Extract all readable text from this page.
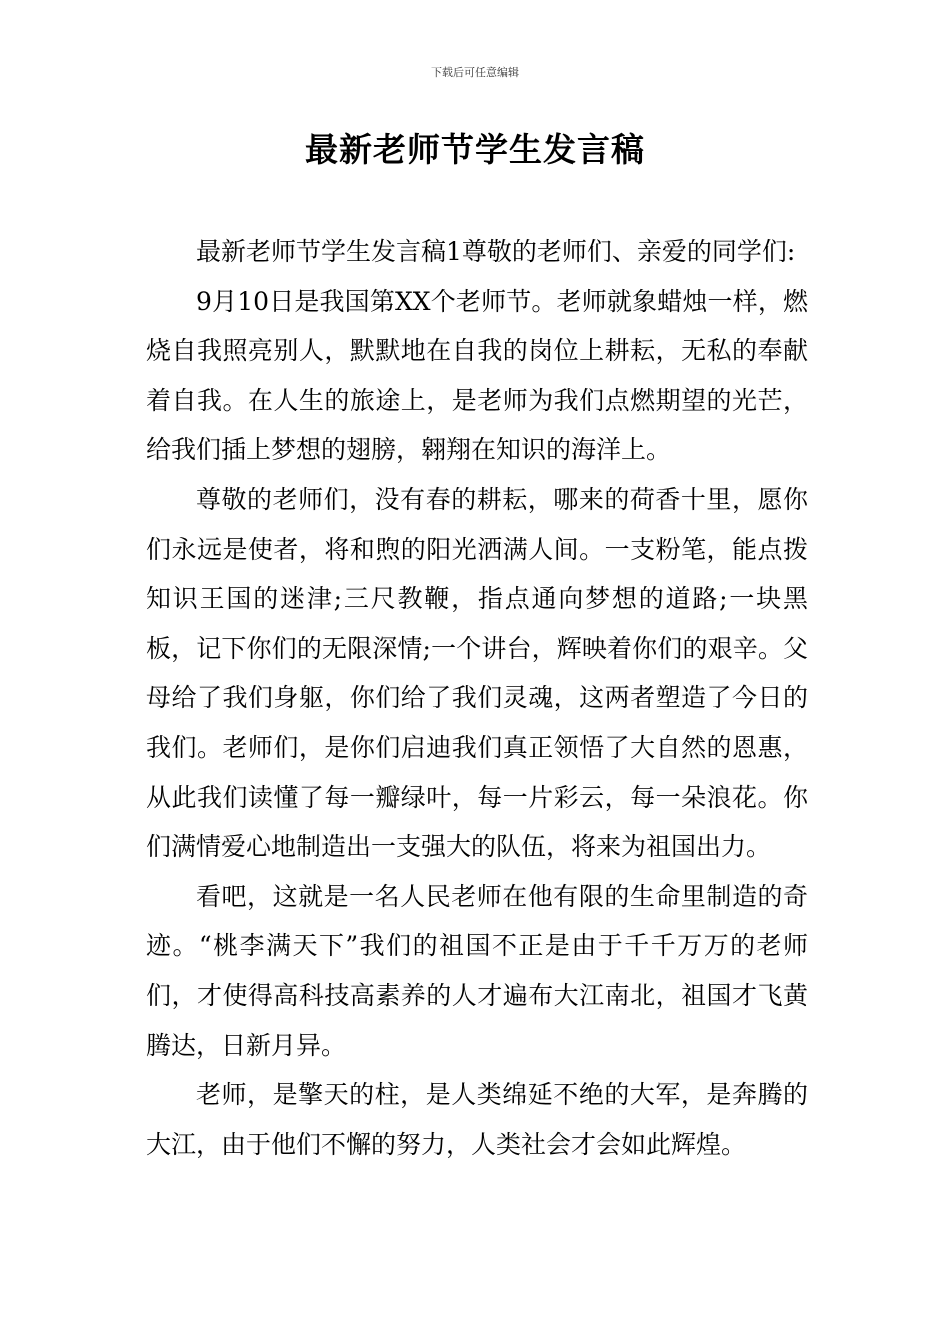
下载后可任意编辑
最新老师节学生发言稿

最新老师节学生发言稿1尊敬的老师们、亲爱的同学们:

9月10日是我国第XX个老师节。老师就象蜡烛一样，燃烧自我照亮别人，默默地在自我的岗位上耕耘，无私的奉献着自我。在人生的旅途上，是老师为我们点燃期望的光芒，给我们插上梦想的翅膀，翱翔在知识的海洋上。

尊敬的老师们，没有春的耕耘，哪来的荷香十里，愿你们永远是使者，将和煦的阳光洒满人间。一支粉笔，能点拨知识王国的迷津;三尺教鞭，指点通向梦想的道路;一块黑板，记下你们的无限深情;一个讲台，辉映着你们的艰辛。父母给了我们身躯，你们给了我们灵魂，这两者塑造了今日的我们。老师们，是你们启迪我们真正领悟了大自然的恩惠，从此我们读懂了每一瓣绿叶，每一片彩云，每一朵浪花。你们满情爱心地制造出一支强大的队伍，将来为祖国出力。

看吧，这就是一名人民老师在他有限的生命里制造的奇迹。“桃李满天下”我们的祖国不正是由于千千万万的老师们，才使得高科技高素养的人才遍布大江南北，祖国才飞黄腾达，日新月异。

老师，是擎天的柱，是人类绵延不绝的大军，是奔腾的大江，由于他们不懈的努力，人类社会才会如此辉煌。
